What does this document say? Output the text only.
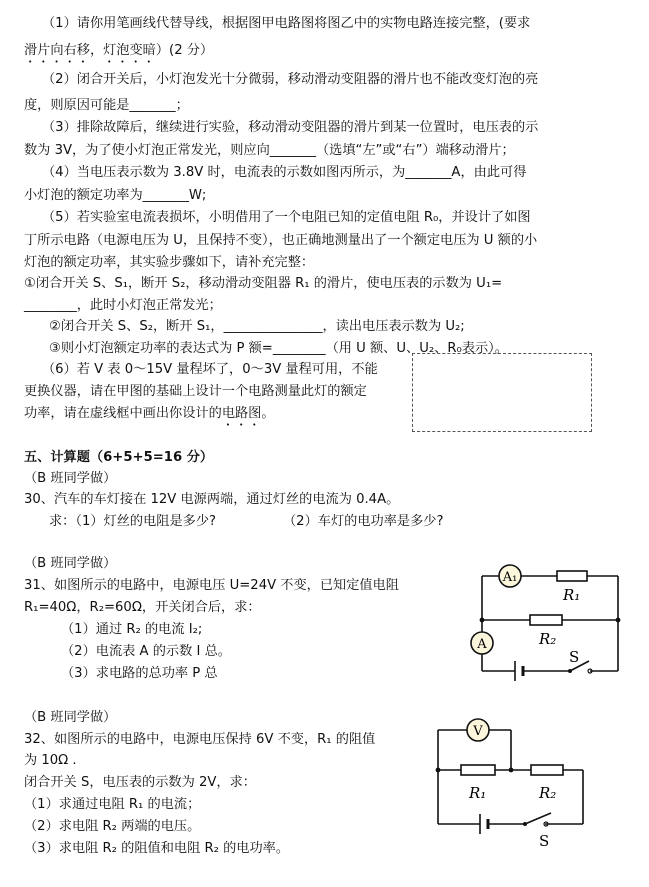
（1）请你用笔画线代替导线，根据图甲电路图将图乙中的实物电路连接完整，(要求
滑片向右移，灯泡变暗）(2 分）
（2）闭合开关后，小灯泡发光十分微弱，移动滑动变阻器的滑片也不能改变灯泡的亮
度，则原因可能是_______；
（3）排除故障后，继续进行实验，移动滑动变阻器的滑片到某一位置时，电压表的示
数为 3V，为了使小灯泡正常发光，则应向_______（选填“左”或“右”）端移动滑片；
（4）当电压表示数为 3.8V 时，电流表的示数如图丙所示，为_______A，由此可得
小灯泡的额定功率为_______W;
（5）若实验室电流表损坏，小明借用了一个电阻已知的定值电阻 R₀，并设计了如图
丁所示电路（电源电压为 U，且保持不变），也正确地测量出了一个额定电压为 U 额的小
灯泡的额定功率，其实验步骤如下，请补充完整：
①闭合开关 S、S₁，断开 S₂，移动滑动变阻器 R₁ 的滑片，使电压表的示数为 U₁=
________，此时小灯泡正常发光；
②闭合开关 S、S₂，断开 S₁，_______________，读出电压表示数为 U₂;
③则小灯泡额定功率的表达式为 P 额=________（用 U 额、U、U₂、R₀表示）。
（6）若 V 表 0～15V 量程坏了，0～3V 量程可用，不能
更换仪器，请在甲图的基础上设计一个电路测量此灯的额定
功率，请在虚线框中画出你设计的电路图。
五、计算题（6+5+5=16 分）
（B 班同学做）
30、汽车的车灯接在 12V 电源两端，通过灯丝的电流为 0.4A。
求：（1）灯丝的电阻是多少?	（2）车灯的电功率是多少?
（B 班同学做）
31、如图所示的电路中，电源电压 U=24V 不变，已知定值电阻
R₁=40Ω，R₂=60Ω，开关闭合后，求：
（1）通过 R₂ 的电流 I₂;
（2）电流表 A 的示数 I 总。
（3）求电路的总功率 P 总
A₁
A
R₁
R₂
S
（B 班同学做）
32、如图所示的电路中，电源电压保持 6V 不变，R₁ 的阻值
为 10Ω .
闭合开关 S，电压表的示数为 2V，求：
（1）求通过电阻 R₁ 的电流；
（2）求电阻 R₂ 两端的电压。
（3）求电阻 R₂ 的阻值和电阻 R₂ 的电功率。
V
R₁	R₂
S
